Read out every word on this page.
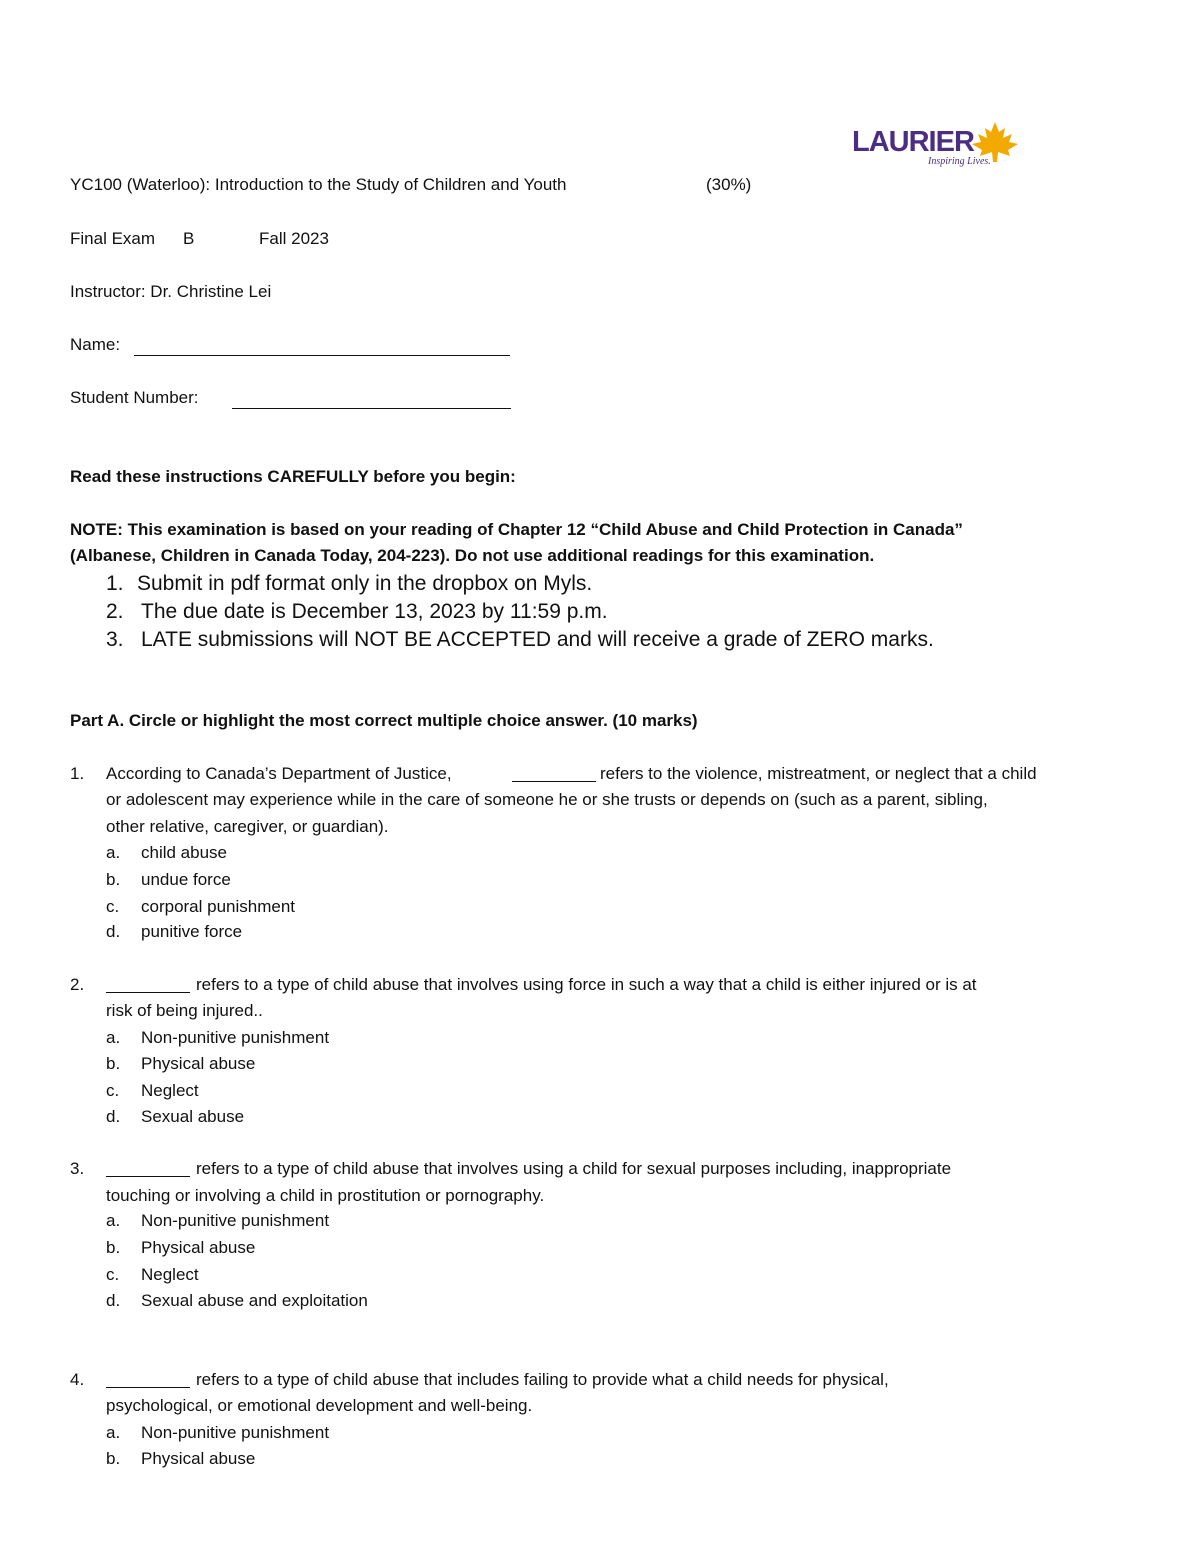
LAURIER
Inspiring Lives.
YC100 (Waterloo): Introduction to the Study of Children and Youth	(30%)
Final Exam B	Fall 2023
Instructor: Dr. Christine Lei
Name:
Student Number:
Read these instructions CAREFULLY before you begin:
NOTE: This examination is based on your reading of Chapter 12 “Child Abuse and Child Protection in Canada”
(Albanese, Children in Canada Today, 204-223). Do not use additional readings for this examination.
1. Submit in pdf format only in the dropbox on Myls.
2. The due date is December 13, 2023 by 11:59 p.m.
3. LATE submissions will NOT BE ACCEPTED and will receive a grade of ZERO marks.
Part A. Circle or highlight the most correct multiple choice answer. (10 marks)
1. According to Canada’s Department of Justice,	refers to the violence, mistreatment, or neglect that a child
or adolescent may experience while in the care of someone he or she trusts or depends on (such as a parent, sibling,
other relative, caregiver, or guardian).
a. child abuse
b. undue force
c. corporal punishment
d. punitive force
2.	refers to a type of child abuse that involves using force in such a way that a child is either injured or is at
risk of being injured..
a. Non-punitive punishment
b. Physical abuse
c. Neglect
d. Sexual abuse
3.	refers to a type of child abuse that involves using a child for sexual purposes including, inappropriate
touching or involving a child in prostitution or pornography.
a. Non-punitive punishment
b. Physical abuse
c. Neglect
d. Sexual abuse and exploitation
4.	refers to a type of child abuse that includes failing to provide what a child needs for physical,
psychological, or emotional development and well-being.
a. Non-punitive punishment
b. Physical abuse
